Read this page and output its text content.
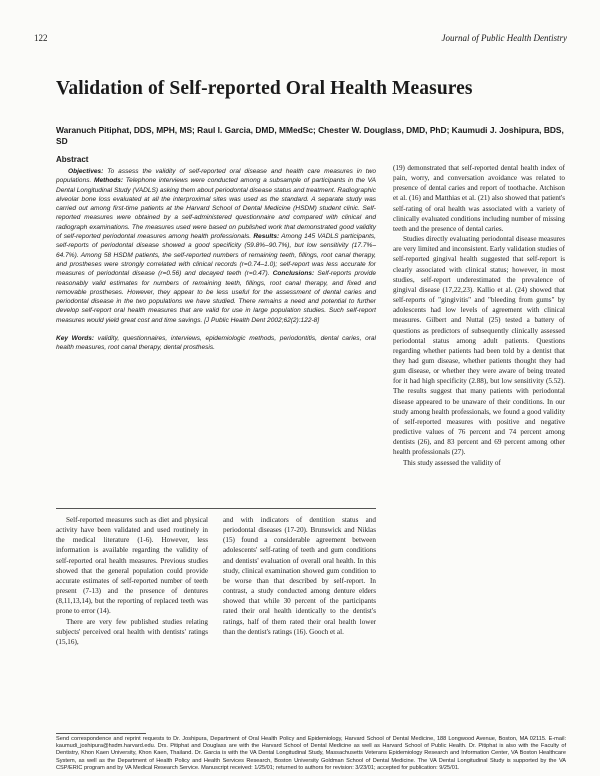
122	Journal of Public Health Dentistry
Validation of Self-reported Oral Health Measures
Waranuch Pitiphat, DDS, MPH, MS; Raul I. Garcia, DMD, MMedSc; Chester W. Douglass, DMD, PhD; Kaumudi J. Joshipura, BDS, SD
Abstract

Objectives: To assess the validity of self-reported oral disease and health care measures in two populations. Methods: Telephone interviews were conducted among a subsample of participants in the VA Dental Longitudinal Study (VADLS) asking them about periodontal disease status and treatment. Radiographic alveolar bone loss evaluated at all the interproximal sites was used as the standard. A separate study was carried out among first-time patients at the Harvard School of Dental Medicine (HSDM) student clinic. Self-reported measures were obtained by a self-administered questionnaire and compared with clinical and radiograph examinations. The measures used were based on published work that demonstrated good validity of self-reported periodontal measures among health professionals. Results: Among 145 VADLS participants, self-reports of periodontal disease showed a good specificity (59.8%–90.7%), but low sensitivity (17.7%–64.7%). Among 58 HSDM patients, the self-reported numbers of remaining teeth, fillings, root canal therapy, and prostheses were strongly correlated with clinical records (r=0.74–1.0); self-report was less accurate for measures of periodontal disease (r=0.56) and decayed teeth (r=0.47). Conclusions: Self-reports provide reasonably valid estimates for numbers of remaining teeth, fillings, root canal therapy, and fixed and removable prostheses. However, they appear to be less useful for the assessment of dental caries and periodontal disease in the two populations we have studied. There remains a need and potential to further develop self-report oral health measures that are valid for use in large population studies. Such self-report measures would yield great cost and time savings. [J Public Health Dent 2002;62(2):122-8]

Key Words: validity, questionnaires, interviews, epidemiologic methods, periodontitis, dental caries, oral health measures, root canal therapy, dental prosthesis.

Self-reported measures such as diet and physical activity have been validated and used routinely in the medical literature (1-6). However, less information is available regarding the validity of self-reported oral health measures. Previous studies showed that the general population could provide accurate estimates of self-reported number of teeth present (7-13) and the presence of dentures (8,11,13,14), but the reporting of replaced teeth was prone to error (14).

There are very few published studies relating subjects' perceived oral health with dentists' ratings (15,16),

and with indicators of dentition status and periodontal diseases (17-20). Brunswick and Niklas (15) found a considerable agreement between adolescents' self-rating of teeth and gum conditions and dentists' evaluation of overall oral health. In this study, clinical examination showed gum condition to be worse than that described by self-report. In contrast, a study conducted among denture elders showed that while 30 percent of the participants rated their oral health identically to the dentist's ratings, half of them rated their oral health lower than the dentist's ratings (16). Gooch et al.

(19) demonstrated that self-reported dental health index of pain, worry, and conversation avoidance was related to presence of dental caries and report of toothache. Atchison et al. (16) and Matthias et al. (21) also showed that patient's self-rating of oral health was associated with a variety of clinically evaluated conditions including number of missing teeth and the presence of dental caries.

Studies directly evaluating periodontal disease measures are very limited and inconsistent. Early validation studies of self-reported gingival health suggested that self-report is clearly associated with clinical status; however, in most studies, self-report underestimated the prevalence of gingival disease (17,22,23). Kallio et al. (24) showed that self-reports of "gingivitis" and "bleeding from gums" by adolescents had low levels of agreement with clinical measures. Gilbert and Nuttal (25) tested a battery of questions as predictors of subsequently clinically assessed periodontal status among adult patients. Questions regarding whether patients had been told by a dentist that they had gum disease, whether patients thought they had gum disease, or whether they were aware of being treated for it had high specificity (2.88), but low sensitivity (5.52). The results suggest that many patients with periodontal disease appeared to be unaware of their conditions. In our study among health professionals, we found a good validity of self-reported measures with positive and negative predictive values of 76 percent and 74 percent among dentists (26), and 83 percent and 69 percent among other health professionals (27).

This study assessed the validity of

Send correspondence and reprint requests to Dr. Joshipura, Department of Oral Health Policy and Epidemiology, Harvard School of Dental Medicine, 188 Longwood Avenue, Boston, MA 02115. E-mail: kaumudi_joshipura@hsdm.harvard.edu. Drs. Pitiphat and Douglass are with the Harvard School of Dental Medicine as well as Harvard School of Public Health. Dr. Pitiphat is also with the Faculty of Dentistry, Khon Kaen University, Khon Kaen, Thailand. Dr. Garcia is with the VA Dental Longitudinal Study, Massachusetts Veterans Epidemiology Research and Information Center, VA Boston Healthcare System, as well as the Department of Health Policy and Health Services Research, Boston University Goldman School of Dental Medicine. The VA Dental Longitudinal Study is supported by the VA CSP/ERIC program and by VA Medical Research Service. Manuscript received: 1/25/01; returned to authors for revision: 3/23/01; accepted for publication: 9/25/01.
